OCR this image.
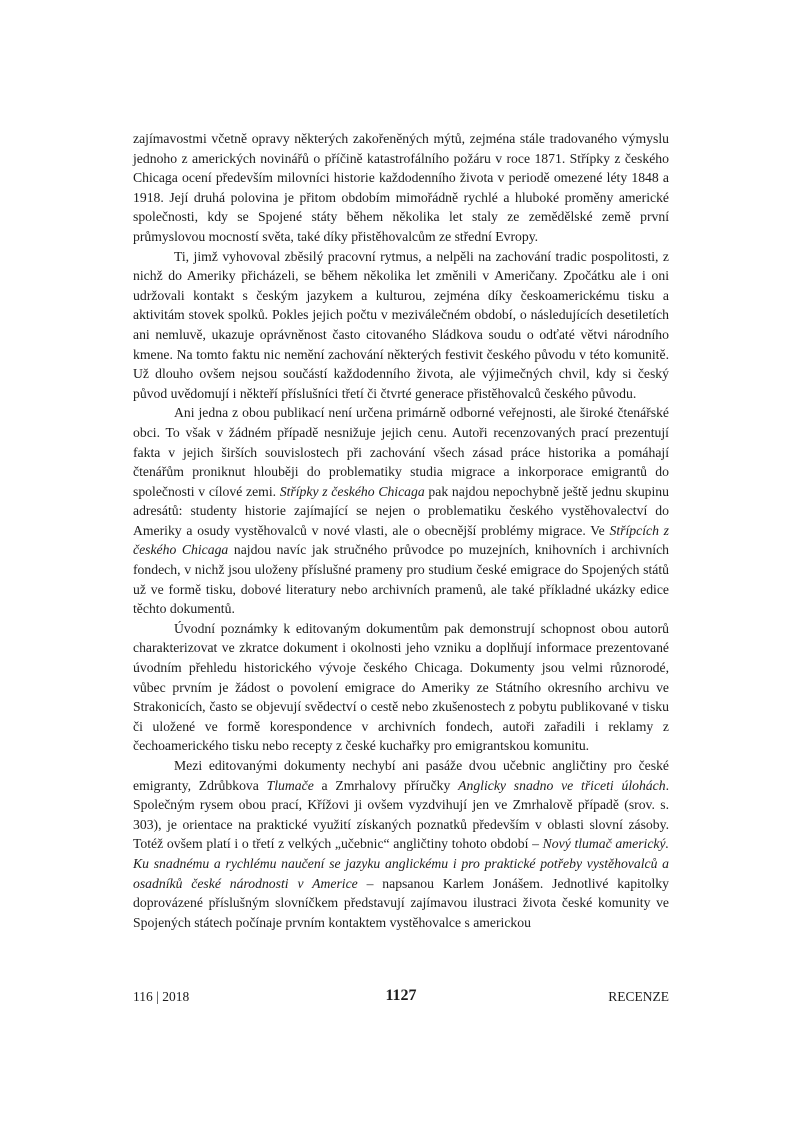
zajímavostmi včetně opravy některých zakořeněných mýtů, zejména stále tradovaného výmyslu jednoho z amerických novinářů o příčině katastrofálního požáru v roce 1871. Střípky z českého Chicaga ocení především milovníci historie každodenního života v periodě omezené léty 1848 a 1918. Její druhá polovina je přitom obdobím mimořádně rychlé a hluboké proměny americké společnosti, kdy se Spojené státy během několika let staly ze zemědělské země první průmyslovou mocností světa, také díky přistěhovalcům ze střední Evropy.

Ti, jimž vyhovoval zběsilý pracovní rytmus, a nelpěli na zachování tradic pospolitosti, z nichž do Ameriky přicházeli, se během několika let změnili v Američany. Zpočátku ale i oni udržovali kontakt s českým jazykem a kulturou, zejména díky českoamerickému tisku a aktivitám stovek spolků. Pokles jejich počtu v meziválečném období, o následujících desetiletích ani nemluvě, ukazuje oprávněnost často citovaného Sládkova soudu o odťaté větvi národního kmene. Na tomto faktu nic nemění zachování některých festivit českého původu v této komunitě. Už dlouho ovšem nejsou součástí každodenního života, ale výjimečných chvil, kdy si český původ uvědomují i někteří příslušníci třetí či čtvrté generace přistěhovalců českého původu.

Ani jedna z obou publikací není určena primárně odborné veřejnosti, ale široké čtenářské obci. To však v žádném případě nesnižuje jejich cenu. Autoři recenzovaných prací prezentují fakta v jejich širších souvislostech při zachování všech zásad práce historika a pomáhají čtenářům proniknut hlouběji do problematiky studia migrace a inkorporace emigrantů do společnosti v cílové zemi. Střípky z českého Chicaga pak najdou nepochybně ještě jednu skupinu adresátů: studenty historie zajímající se nejen o problematiku českého vystěhovalectví do Ameriky a osudy vystěhovalců v nové vlasti, ale o obecnější problémy migrace. Ve Střípcích z českého Chicaga najdou navíc jak stručného průvodce po muzejních, knihovních i archivních fondech, v nichž jsou uloženy příslušné prameny pro studium české emigrace do Spojených států už ve formě tisku, dobové literatury nebo archivních pramenů, ale také příkladné ukázky edice těchto dokumentů.

Úvodní poznámky k editovaným dokumentům pak demonstrují schopnost obou autorů charakterizovat ve zkratce dokument i okolnosti jeho vzniku a doplňují informace prezentované úvodním přehledu historického vývoje českého Chicaga. Dokumenty jsou velmi různorodé, vůbec prvním je žádost o povolení emigrace do Ameriky ze Státního okresního archivu ve Strakonicích, často se objevují svědectví o cestě nebo zkušenostech z pobytu publikované v tisku či uložené ve formě korespondence v archivních fondech, autoři zařadili i reklamy z čechoamerického tisku nebo recepty z české kuchařky pro emigrantskou komunitu.

Mezi editovanými dokumenty nechybí ani pasáže dvou učebnic angličtiny pro české emigranty, Zdrůbkova Tlumače a Zmrhalovy příručky Anglicky snadno ve třiceti úlohách. Společným rysem obou prací, Křížovi ji ovšem vyzdvihují jen ve Zmrhalově případě (srov. s. 303), je orientace na praktické využití získaných poznatků především v oblasti slovní zásoby. Totéž ovšem platí i o třetí z velkých „učebnic“ angličtiny tohoto období – Nový tlumač americký. Ku snadnému a rychlému naučení se jazyku anglickému i pro praktické potřeby vystěhovalců a osadníků české národnosti v Americe – napsanou Karlem Jonášem. Jednotlivé kapitolky doprovázené příslušným slovníčkem představují zajímavou ilustraci života české komunity ve Spojených státech počínaje prvním kontaktem vystěhovalce s americkou

116 | 2018	1127	RECENZE
